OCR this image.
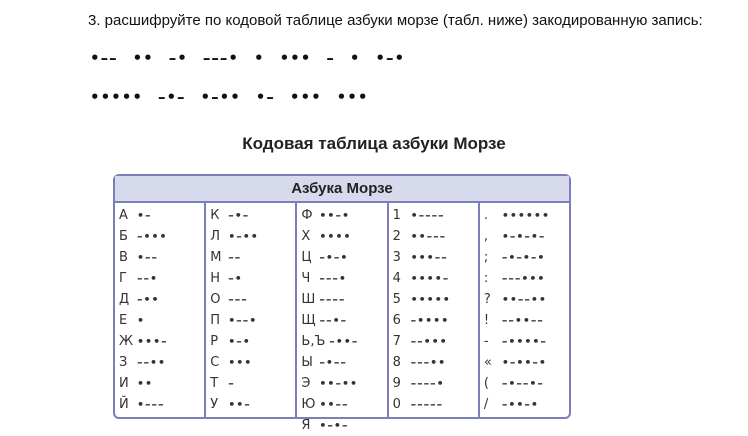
3. расшифруйте по кодовой таблице азбуки морзе (табл. ниже) закодированную запись:
•–– •• –• –––• • ••• – • •–•
••••• –•– •–•• •– ••• •••
Кодовая таблица азбуки Морзе
Азбука Морзе
А •–
Б –•••
В •––
Г ––•
Д –••
Е •
Ж •••–
З ––••
И ••
Й •–––
К –•–
Л •–••
М ––
Н –•
О –––
П •––•
Р •–•
С •••
Т –
У ••–
Ф ••–•
Х ••••
Ц –•–•
Ч –––•
Ш ––––
Щ ––•–
Ь,Ъ –••–
Ы –•––
Э ••–••
Ю ••––
Я •–•–
1 •––––
2 ••–––
3 •••––
4 ••••–
5 •••••
6 –••••
7 ––•••
8 –––••
9 ––––•
0 –––––
. ••••••
, •–•–•–
; –•–•–•
: –––•••
? ••––••
! ––••––
- –••••–
« •–••–•
( –•––•–
/ –••–•
